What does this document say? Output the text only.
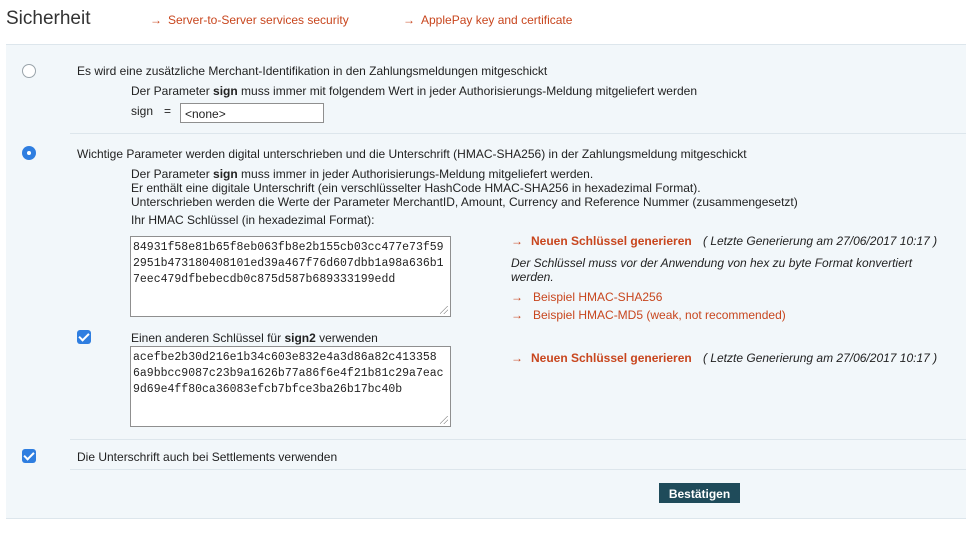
Sicherheit	→ Server-to-Server services security	→ ApplePay key and certificate
Es wird eine zusätzliche Merchant-Identifikation in den Zahlungsmeldungen mitgeschickt
Der Parameter sign muss immer mit folgendem Wert in jeder Authorisierungs-Meldung mitgeliefert werden
sign =	<none>
Wichtige Parameter werden digital unterschrieben und die Unterschrift (HMAC-SHA256) in der Zahlungsmeldung mitgeschickt
Der Parameter sign muss immer in jeder Authorisierungs-Meldung mitgeliefert werden.
Er enthält eine digitale Unterschrift (ein verschlüsselter HashCode HMAC-SHA256 in hexadezimal Format).
Unterschrieben werden die Werte der Parameter MerchantID, Amount, Currency and Reference Nummer (zusammengesetzt)
Ihr HMAC Schlüssel (in hexadezimal Format):
84931f58e81b65f8eb063fb8e2b155cb03cc477e73f59
2951b473180408101ed39a467f76d607dbb1a98a636b1
7eec479dfbebecdb0c875d587b689333199edd
→ Neuen Schlüssel generieren ( Letzte Generierung am 27/06/2017 10:17 )
Der Schlüssel muss vor der Anwendung von hex zu byte Format konvertiert werden.
→ Beispiel HMAC-SHA256
→ Beispiel HMAC-MD5 (weak, not recommended)
Einen anderen Schlüssel für sign2 verwenden
acefbe2b30d216e1b34c603e832e4a3d86a82c413358
6a9bbcc9087c23b9a1626b77a86f6e4f21b81c29a7eac
9d69e4ff80ca36083efcb7bfce3ba26b17bc40b
→ Neuen Schlüssel generieren ( Letzte Generierung am 27/06/2017 10:17 )
Die Unterschrift auch bei Settlements verwenden
Bestätigen
